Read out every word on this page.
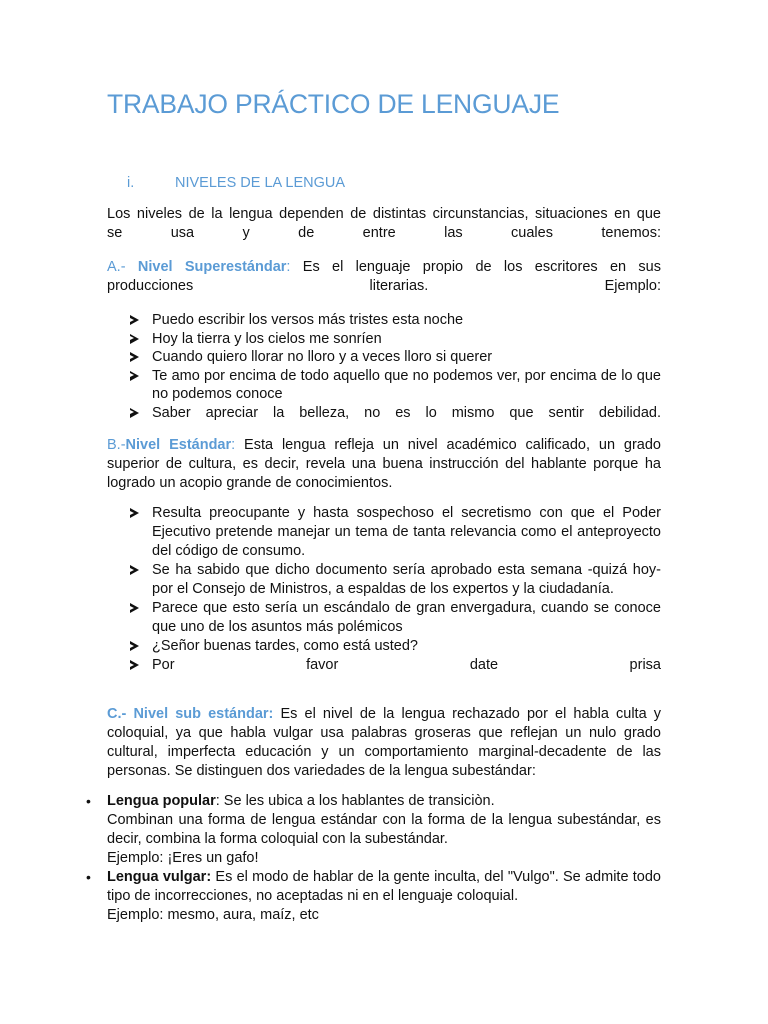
TRABAJO PRÁCTICO DE LENGUAJE
i.	NIVELES DE LA LENGUA
Los niveles de la lengua dependen de distintas circunstancias, situaciones en que
se usa y de entre las cuales tenemos:
A.- Nivel Superestándar: Es el lenguaje propio de los escritores en sus
producciones literarias. Ejemplo:
Puedo escribir los versos más tristes esta noche
Hoy la tierra y los cielos me sonríen
Cuando quiero llorar no lloro y a veces lloro si querer
Te amo por encima de todo aquello que no podemos ver, por encima de lo que no podemos conoce
Saber apreciar la belleza, no es lo mismo que sentir debilidad.

B.-Nivel Estándar: Esta lengua refleja un nivel académico calificado, un grado superior de cultura, es decir, revela una buena instrucción del hablante porque ha logrado un acopio grande de conocimientos.

Resulta preocupante y hasta sospechoso el secretismo con que el Poder Ejecutivo pretende manejar un tema de tanta relevancia como el anteproyecto del código de consumo.
Se ha sabido que dicho documento sería aprobado esta semana -quizá hoy- por el Consejo de Ministros, a espaldas de los expertos y la ciudadanía.
Parece que esto sería un escándalo de gran envergadura, cuando se conoce que uno de los asuntos más polémicos
¿Señor buenas tardes, como está usted?
Por favor date prisa

C.- Nivel sub estándar: Es el nivel de la lengua rechazado por el habla culta y coloquial, ya que habla vulgar usa palabras groseras que reflejan un nulo grado cultural, imperfecta educación y un comportamiento marginal-decadente de las personas. Se distinguen dos variedades de la lengua subestándar:

• Lengua popular: Se les ubica a los hablantes de transiciòn.
Combinan una forma de lengua estándar con la forma de la lengua subestándar, es decir, combina la forma coloquial con la subestándar.
Ejemplo: ¡Eres un gafo!
• Lengua vulgar: Es el modo de hablar de la gente inculta, del "Vulgo". Se admite todo tipo de incorrecciones, no aceptadas ni en el lenguaje coloquial.
Ejemplo: mesmo, aura, maíz, etc
